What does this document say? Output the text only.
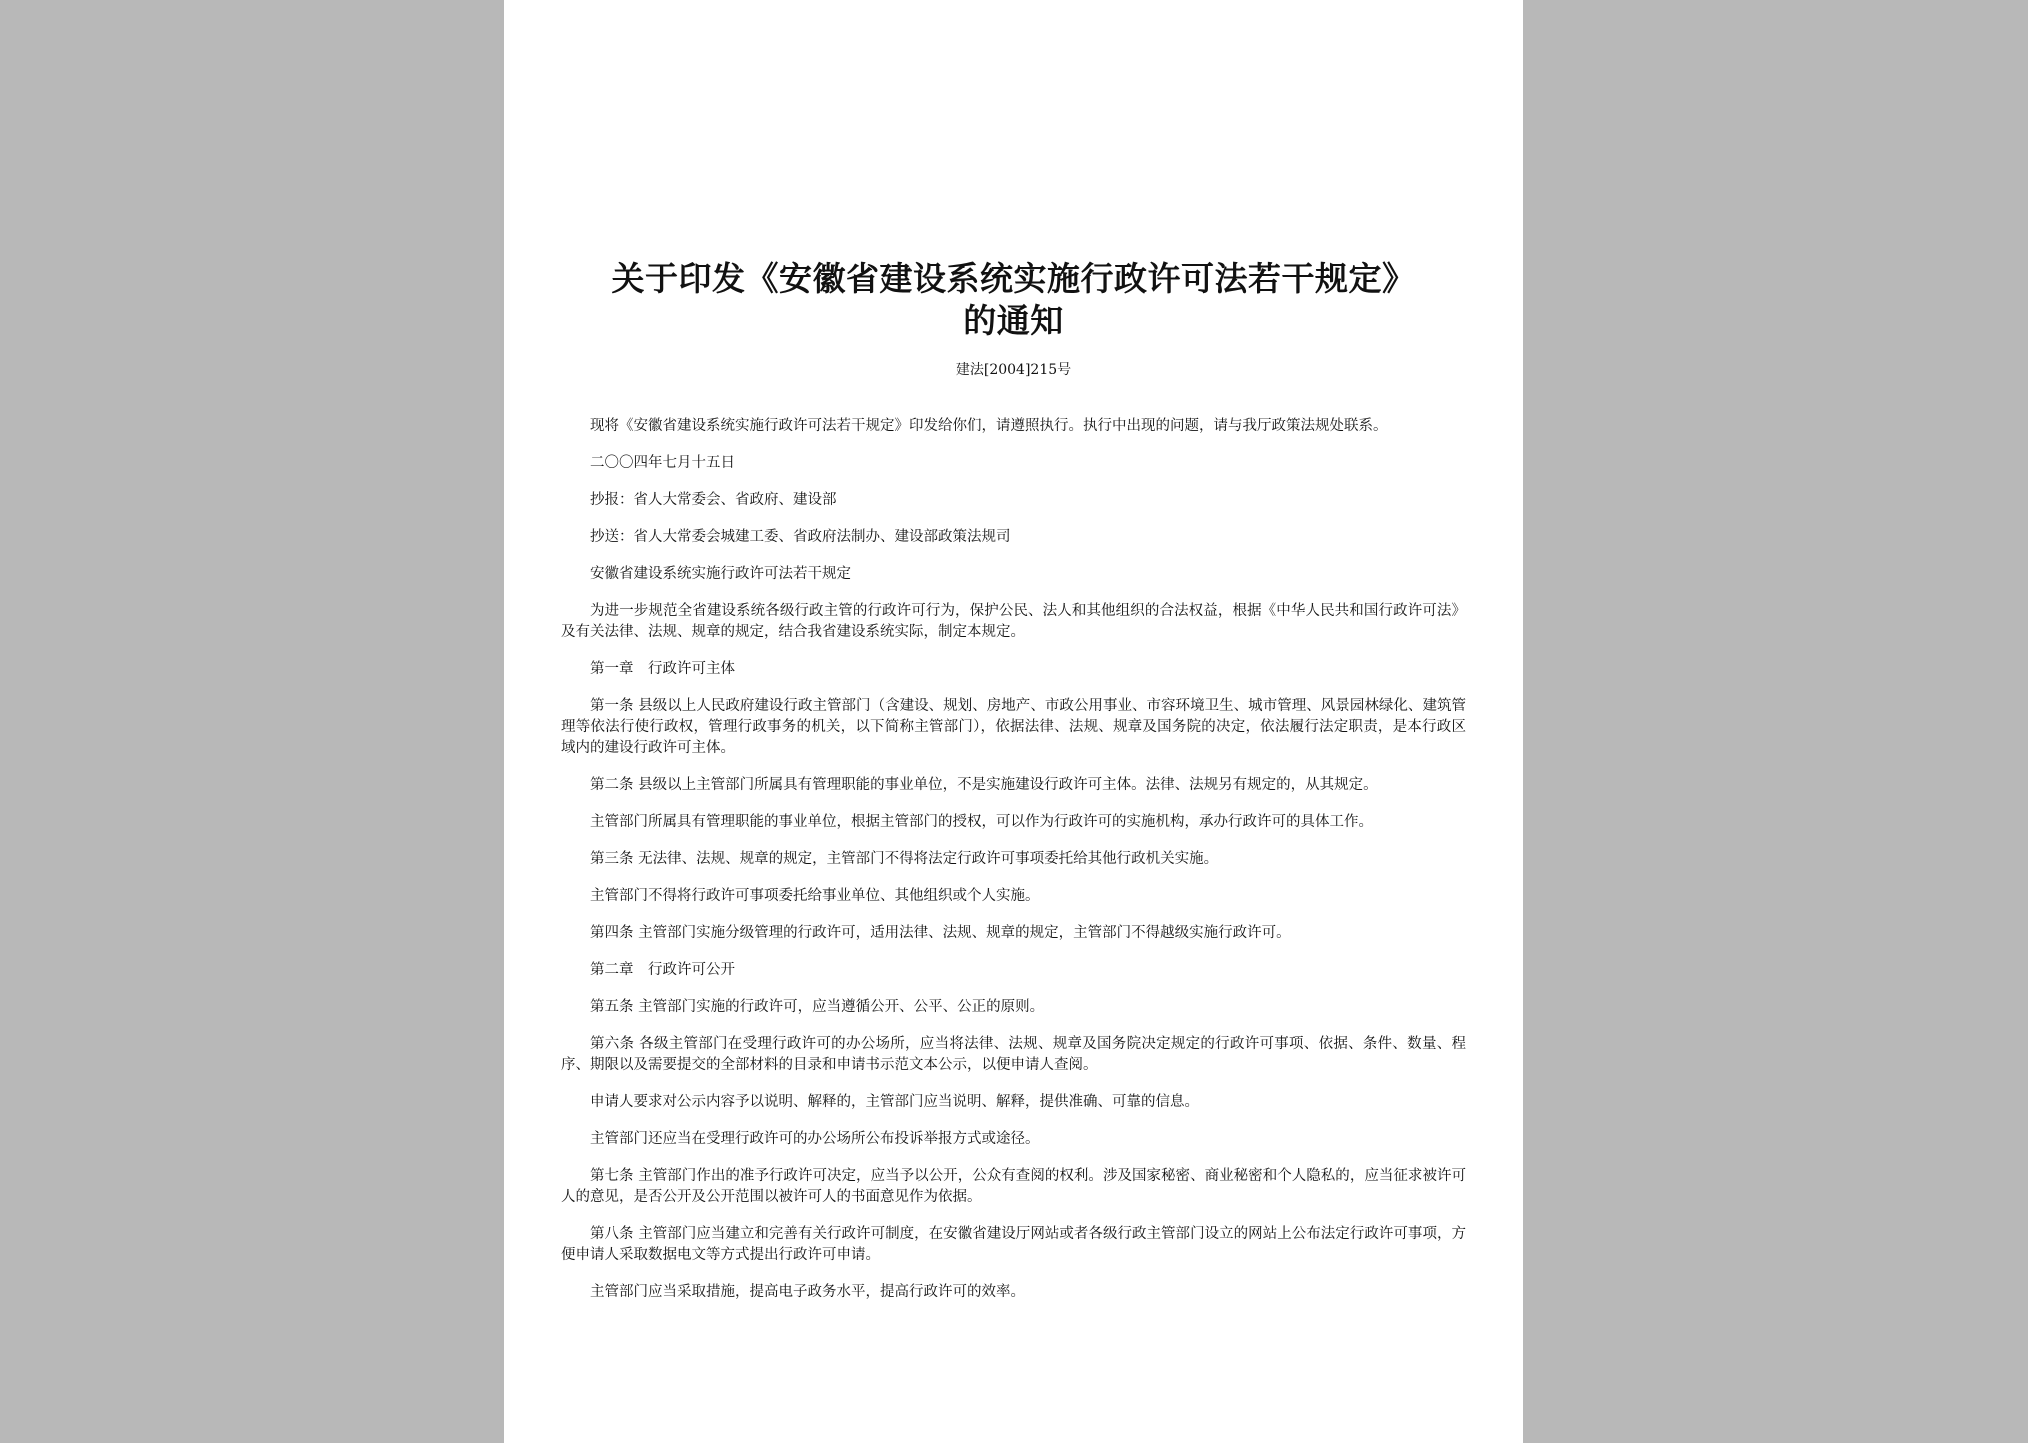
关于印发《安徽省建设系统实施行政许可法若干规定》
的通知
建法[2004]215号

现将《安徽省建设系统实施行政许可法若干规定》印发给你们，请遵照执行。执行中出现的问题，请与我厅政策法规处联系。

二〇〇四年七月十五日

抄报：省人大常委会、省政府、建设部

抄送：省人大常委会城建工委、省政府法制办、建设部政策法规司

安徽省建设系统实施行政许可法若干规定

为进一步规范全省建设系统各级行政主管的行政许可行为，保护公民、法人和其他组织的合法权益，根据《中华人民共和国行政许可法》及有关法律、法规、规章的规定，结合我省建设系统实际，制定本规定。

第一章　行政许可主体

第一条 县级以上人民政府建设行政主管部门（含建设、规划、房地产、市政公用事业、市容环境卫生、城市管理、风景园林绿化、建筑管理等依法行使行政权，管理行政事务的机关，以下简称主管部门），依据法律、法规、规章及国务院的决定，依法履行法定职责，是本行政区域内的建设行政许可主体。

第二条 县级以上主管部门所属具有管理职能的事业单位，不是实施建设行政许可主体。法律、法规另有规定的，从其规定。

主管部门所属具有管理职能的事业单位，根据主管部门的授权，可以作为行政许可的实施机构，承办行政许可的具体工作。

第三条 无法律、法规、规章的规定，主管部门不得将法定行政许可事项委托给其他行政机关实施。

主管部门不得将行政许可事项委托给事业单位、其他组织或个人实施。

第四条 主管部门实施分级管理的行政许可，适用法律、法规、规章的规定，主管部门不得越级实施行政许可。

第二章　行政许可公开

第五条 主管部门实施的行政许可，应当遵循公开、公平、公正的原则。

第六条 各级主管部门在受理行政许可的办公场所，应当将法律、法规、规章及国务院决定规定的行政许可事项、依据、条件、数量、程序、期限以及需要提交的全部材料的目录和申请书示范文本公示，以便申请人查阅。

申请人要求对公示内容予以说明、解释的，主管部门应当说明、解释，提供准确、可靠的信息。

主管部门还应当在受理行政许可的办公场所公布投诉举报方式或途径。

第七条 主管部门作出的准予行政许可决定，应当予以公开，公众有查阅的权利。涉及国家秘密、商业秘密和个人隐私的，应当征求被许可人的意见，是否公开及公开范围以被许可人的书面意见作为依据。

第八条 主管部门应当建立和完善有关行政许可制度，在安徽省建设厅网站或者各级行政主管部门设立的网站上公布法定行政许可事项，方便申请人采取数据电文等方式提出行政许可申请。

主管部门应当采取措施，提高电子政务水平，提高行政许可的效率。
